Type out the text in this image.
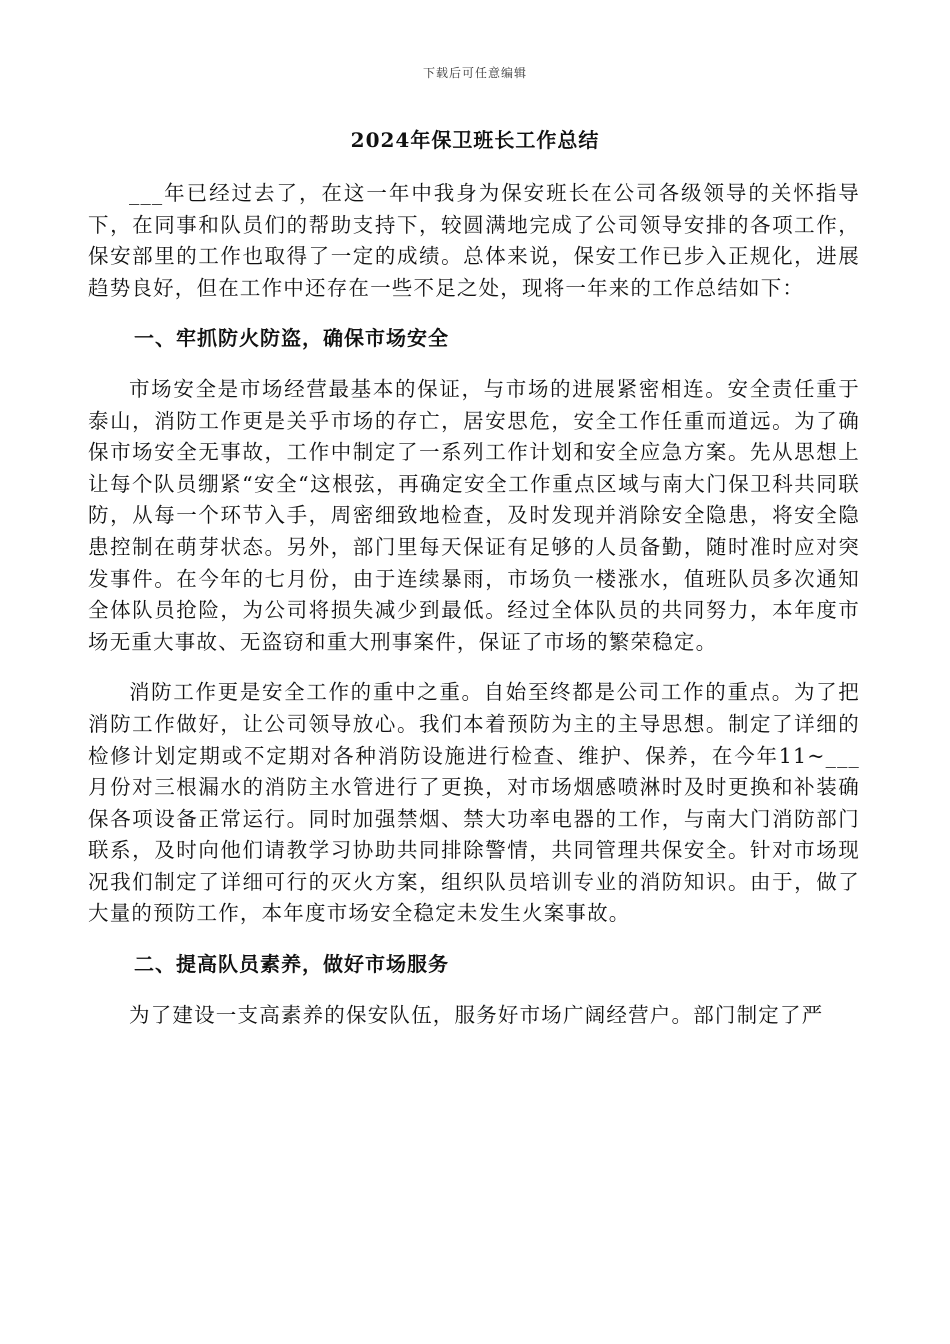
下载后可任意编辑
2024年保卫班长工作总结

___年已经过去了，在这一年中我身为保安班长在公司各级领导的关怀指导下，在同事和队员们的帮助支持下，较圆满地完成了公司领导安排的各项工作，保安部里的工作也取得了一定的成绩。总体来说，保安工作已步入正规化，进展趋势良好，但在工作中还存在一些不足之处，现将一年来的工作总结如下：

一、牢抓防火防盗，确保市场安全

市场安全是市场经营最基本的保证，与市场的进展紧密相连。安全责任重于泰山，消防工作更是关乎市场的存亡，居安思危，安全工作任重而道远。为了确保市场安全无事故，工作中制定了一系列工作计划和安全应急方案。先从思想上让每个队员绷紧“安全“这根弦，再确定安全工作重点区域与南大门保卫科共同联防，从每一个环节入手，周密细致地检查，及时发现并消除安全隐患，将安全隐患控制在萌芽状态。另外，部门里每天保证有足够的人员备勤，随时准时应对突发事件。在今年的七月份，由于连续暴雨，市场负一楼涨水，值班队员多次通知全体队员抢险，为公司将损失减少到最低。经过全体队员的共同努力，本年度市场无重大事故、无盗窃和重大刑事案件，保证了市场的繁荣稳定。

消防工作更是安全工作的重中之重。自始至终都是公司工作的重点。为了把消防工作做好，让公司领导放心。我们本着预防为主的主导思想。制定了详细的检修计划定期或不定期对各种消防设施进行检查、维护、保养，在今年11~___月份对三根漏水的消防主水管进行了更换，对市场烟感喷淋时及时更换和补装确保各项设备正常运行。同时加强禁烟、禁大功率电器的工作，与南大门消防部门联系，及时向他们请教学习协助共同排除警情，共同管理共保安全。针对市场现况我们制定了详细可行的灭火方案，组织队员培训专业的消防知识。由于，做了大量的预防工作，本年度市场安全稳定未发生火案事故。

二、提高队员素养，做好市场服务

为了建设一支高素养的保安队伍，服务好市场广阔经营户。部门制定了严
